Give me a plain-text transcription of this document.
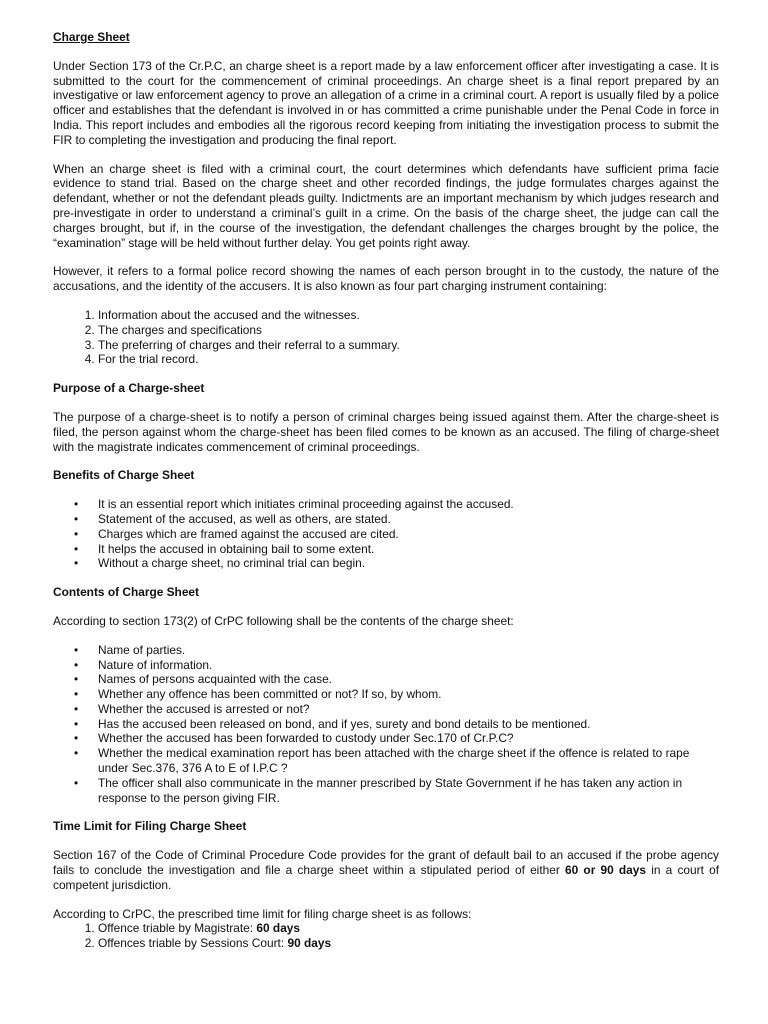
Charge Sheet

Under Section 173 of the Cr.P.C, an charge sheet is a report made by a law enforcement officer after investigating a case. It is submitted to the court for the commencement of criminal proceedings. An charge sheet is a final report prepared by an investigative or law enforcement agency to prove an allegation of a crime in a criminal court. A report is usually filed by a police officer and establishes that the defendant is involved in or has committed a crime punishable under the Penal Code in force in India. This report includes and embodies all the rigorous record keeping from initiating the investigation process to submit the FIR to completing the investigation and producing the final report.

When an charge sheet is filed with a criminal court, the court determines which defendants have sufficient prima facie evidence to stand trial. Based on the charge sheet and other recorded findings, the judge formulates charges against the defendant, whether or not the defendant pleads guilty. Indictments are an important mechanism by which judges research and pre-investigate in order to understand a criminal’s guilt in a crime. On the basis of the charge sheet, the judge can call the charges brought, but if, in the course of the investigation, the defendant challenges the charges brought by the police, the “examination” stage will be held without further delay. You get points right away.

However, it refers to a formal police record showing the names of each person brought in to the custody, the nature of the accusations, and the identity of the accusers. It is also known as four part charging instrument containing:

1. Information about the accused and the witnesses.
2. The charges and specifications
3. The preferring of charges and their referral to a summary.
4. For the trial record.
Purpose of a Charge-sheet

The purpose of a charge-sheet is to notify a person of criminal charges being issued against them. After the charge-sheet is filed, the person against whom the charge-sheet has been filed comes to be known as an accused. The filing of charge-sheet with the magistrate indicates commencement of criminal proceedings.

Benefits of Charge Sheet
• It is an essential report which initiates criminal proceeding against the accused.
• Statement of the accused, as well as others, are stated.
• Charges which are framed against the accused are cited.
• It helps the accused in obtaining bail to some extent.
• Without a charge sheet, no criminal trial can begin.
Contents of Charge Sheet

According to section 173(2) of CrPC following shall be the contents of the charge sheet:

• Name of parties.
• Nature of information.
• Names of persons acquainted with the case.
• Whether any offence has been committed or not? If so, by whom.
• Whether the accused is arrested or not?
• Has the accused been released on bond, and if yes, surety and bond details to be mentioned.
• Whether the accused has been forwarded to custody under Sec.170 of Cr.P.C?
• Whether the medical examination report has been attached with the charge sheet if the offence is related to rape under Sec.376, 376 A to E of I.P.C ?
• The officer shall also communicate in the manner prescribed by State Government if he has taken any action in response to the person giving FIR.
Time Limit for Filing Charge Sheet

Section 167 of the Code of Criminal Procedure Code provides for the grant of default bail to an accused if the probe agency fails to conclude the investigation and file a charge sheet within a stipulated period of either 60 or 90 days in a court of competent jurisdiction.

According to CrPC, the prescribed time limit for filing charge sheet is as follows:

1. Offence triable by Magistrate: 60 days
2. Offences triable by Sessions Court: 90 days
